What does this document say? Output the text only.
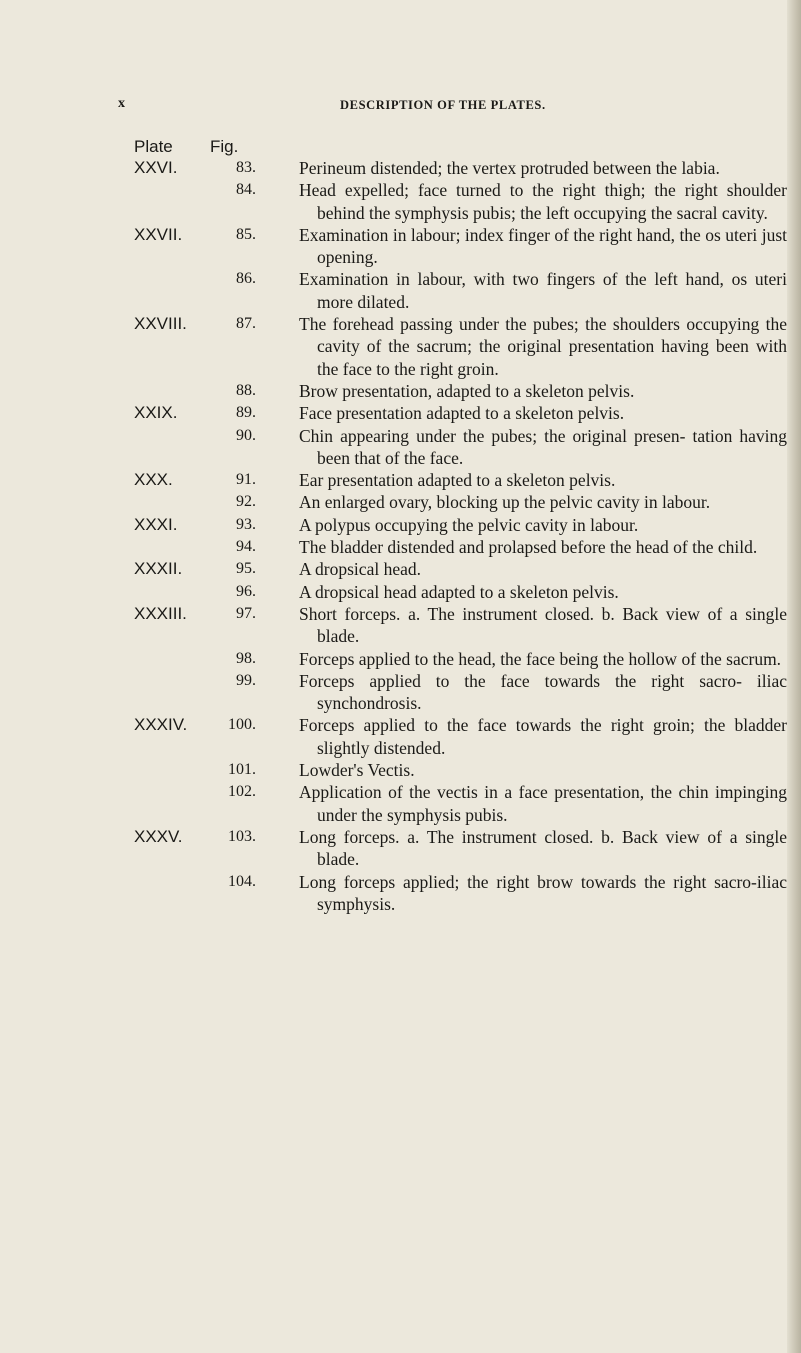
x	DESCRIPTION OF THE PLATES.
Plate Fig.
XXVI.	83. Perineum distended; the vertex protruded between the labia.
84. Head expelled; face turned to the right thigh; the right shoulder behind the symphysis pubis; the left occupying the sacral cavity.
XXVII.	85. Examination in labour; index finger of the right hand, the os uteri just opening.
86. Examination in labour, with two fingers of the left hand, os uteri more dilated.
XXVIII.	87. The forehead passing under the pubes; the shoulders occupying the cavity of the sacrum; the original presentation having been with the face to the right groin.
88. Brow presentation, adapted to a skeleton pelvis.
XXIX.	89. Face presentation adapted to a skeleton pelvis.
90. Chin appearing under the pubes; the original presen- tation having been that of the face.
XXX.	91. Ear presentation adapted to a skeleton pelvis.
92. An enlarged ovary, blocking up the pelvic cavity in labour.
XXXI.	93. A polypus occupying the pelvic cavity in labour.
94. The bladder distended and prolapsed before the head of the child.
XXXII.	95. A dropsical head.
96. A dropsical head adapted to a skeleton pelvis.
XXXIII.	97. Short forceps. a. The instrument closed. b. Back view of a single blade.
98. Forceps applied to the head, the face being the hollow of the sacrum.
99. Forceps applied to the face towards the right sacro- iliac synchondrosis.
XXXIV.	100. Forceps applied to the face towards the right groin; the bladder slightly distended.
101. Lowder's Vectis.
102. Application of the vectis in a face presentation, the chin impinging under the symphysis pubis.
XXXV.	103. Long forceps. a. The instrument closed. b. Back view of a single blade.
104. Long forceps applied; the right brow towards the right sacro-iliac symphysis.
